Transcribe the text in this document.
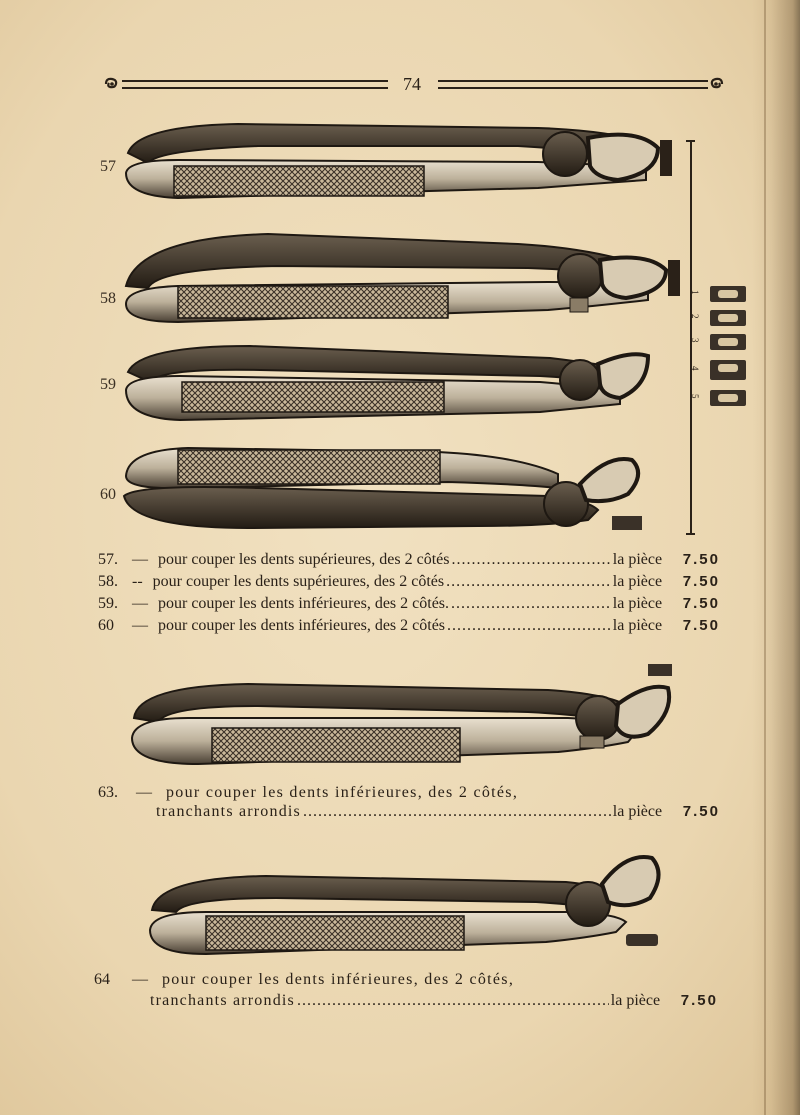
74
57
58
59
60
1
2
3
4
5
57. — pour couper les dents supérieures, des 2 côtés .....	la pièce	7.50
58. -- pour couper les dents supérieures, des 2 côtés .....	la pièce	7.50
59. — pour couper les dents inférieures, des 2 côtés. .....	la pièce	7.50
60	— pour couper les dents inférieures, des 2 côtés .....	la pièce	7.50
63. — pour couper les dents inférieures, des 2 côtés,
tranchants arrondis .....	la pièce	7.50
64 — pour couper les dents inférieures, des 2 côtés,
tranchants arrondis .....	la pièce	7.50
